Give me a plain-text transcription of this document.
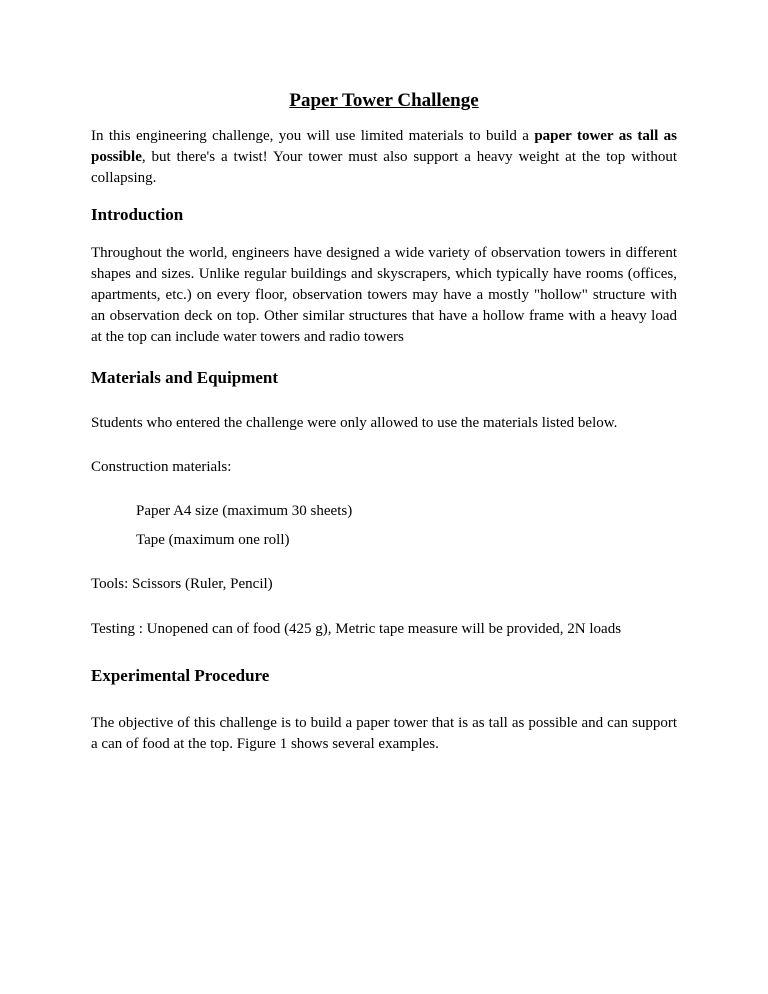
Paper Tower Challenge

In this engineering challenge, you will use limited materials to build a paper tower as tall as possible, but there's a twist! Your tower must also support a heavy weight at the top without collapsing.

Introduction

Throughout the world, engineers have designed a wide variety of observation towers in different shapes and sizes. Unlike regular buildings and skyscrapers, which typically have rooms (offices, apartments, etc.) on every floor, observation towers may have a mostly "hollow" structure with an observation deck on top. Other similar structures that have a hollow frame with a heavy load at the top can include water towers and radio towers

Materials and Equipment

Students who entered the challenge were only allowed to use the materials listed below.

Construction materials:

Paper A4 size (maximum 30 sheets)

Tape (maximum one roll)

Tools: Scissors (Ruler, Pencil)

Testing : Unopened can of food (425 g), Metric tape measure will be provided, 2N loads

Experimental Procedure

The objective of this challenge is to build a paper tower that is as tall as possible and can support a can of food at the top. Figure 1 shows several examples.
